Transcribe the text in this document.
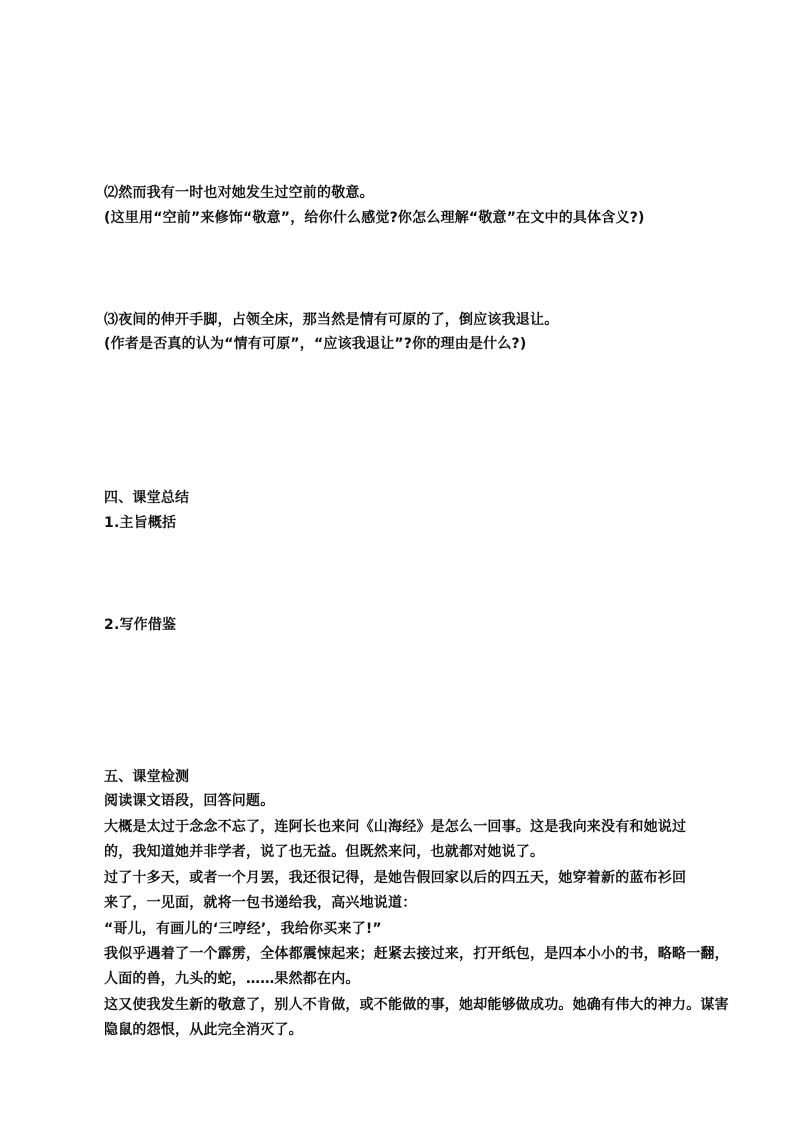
⑵然而我有一时也对她发生过空前的敬意。
(这里用“空前”来修饰“敬意”，给你什么感觉?你怎么理解“敬意”在文中的具体含义?)
⑶夜间的伸开手脚，占领全床，那当然是情有可原的了，倒应该我退让。
(作者是否真的认为“情有可原”，“应该我退让”?你的理由是什么?)
四、课堂总结
1.主旨概括
2.写作借鉴
五、课堂检测
阅读课文语段，回答问题。
大概是太过于念念不忘了，连阿长也来问《山海经》是怎么一回事。这是我向来没有和她说过
的，我知道她并非学者，说了也无益。但既然来问，也就都对她说了。
过了十多天，或者一个月罢，我还很记得，是她告假回家以后的四五天，她穿着新的蓝布衫回
来了，一见面，就将一包书递给我，高兴地说道：
“哥儿，有画儿的‘三哼经’，我给你买来了!”
我似乎遇着了一个霹雳，全体都震悚起来；赶紧去接过来，打开纸包，是四本小小的书，略略一翻，
人面的兽，九头的蛇，……果然都在内。
这又使我发生新的敬意了，别人不肯做，或不能做的事，她却能够做成功。她确有伟大的神力。谋害
隐鼠的怨恨，从此完全消灭了。
